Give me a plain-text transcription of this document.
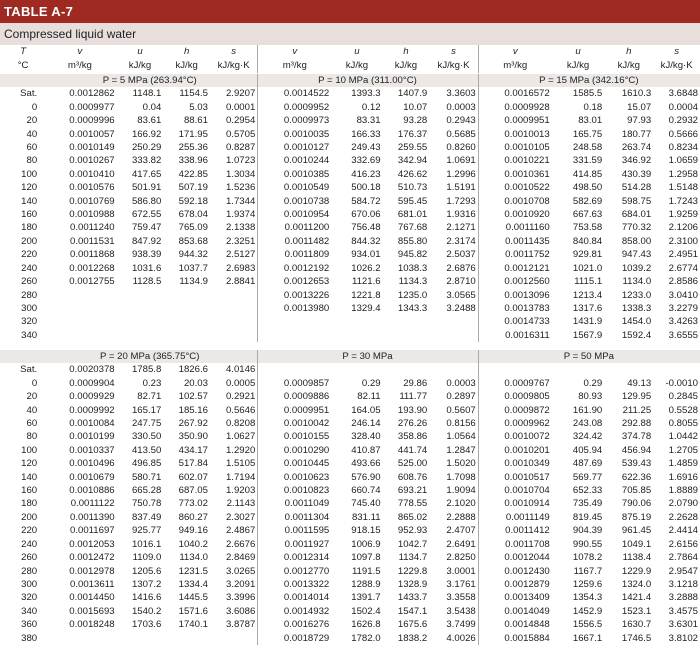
TABLE A-7
Compressed liquid water
T	v	u	h	s	v	u	h	s	v	u	h	s
°C	m³/kg	kJ/kg	kJ/kg	kJ/kg·K	m³/kg	kJ/kg	kJ/kg	kJ/kg·K	m³/kg	kJ/kg	kJ/kg	kJ/kg·K
	P = 5 MPa (263.94°C)				P = 10 MPa (311.00°C)				P = 15 MPa (342.16°C)			
Sat.	0.0012862	1148.1	1154.5	2.9207	0.0014522	1393.3	1407.9	3.3603	0.0016572	1585.5	1610.3	3.6848
0	0.0009977	0.04	5.03	0.0001	0.0009952	0.12	10.07	0.0003	0.0009928	0.18	15.07	0.0004
20	0.0009996	83.61	88.61	0.2954	0.0009973	83.31	93.28	0.2943	0.0009951	83.01	97.93	0.2932
40	0.0010057	166.92	171.95	0.5705	0.0010035	166.33	176.37	0.5685	0.0010013	165.75	180.77	0.5666
60	0.0010149	250.29	255.36	0.8287	0.0010127	249.43	259.55	0.8260	0.0010105	248.58	263.74	0.8234
80	0.0010267	333.82	338.96	1.0723	0.0010244	332.69	342.94	1.0691	0.0010221	331.59	346.92	1.0659
100	0.0010410	417.65	422.85	1.3034	0.0010385	416.23	426.62	1.2996	0.0010361	414.85	430.39	1.2958
120	0.0010576	501.91	507.19	1.5236	0.0010549	500.18	510.73	1.5191	0.0010522	498.50	514.28	1.5148
140	0.0010769	586.80	592.18	1.7344	0.0010738	584.72	595.45	1.7293	0.0010708	582.69	598.75	1.7243
160	0.0010988	672.55	678.04	1.9374	0.0010954	670.06	681.01	1.9316	0.0010920	667.63	684.01	1.9259
180	0.0011240	759.47	765.09	2.1338	0.0011200	756.48	767.68	2.1271	0.0011160	753.58	770.32	2.1206
200	0.0011531	847.92	853.68	2.3251	0.0011482	844.32	855.80	2.3174	0.0011435	840.84	858.00	2.3100
220	0.0011868	938.39	944.32	2.5127	0.0011809	934.01	945.82	2.5037	0.0011752	929.81	947.43	2.4951
240	0.0012268	1031.6	1037.7	2.6983	0.0012192	1026.2	1038.3	2.6876	0.0012121	1021.0	1039.2	2.6774
260	0.0012755	1128.5	1134.9	2.8841	0.0012653	1121.6	1134.3	2.8710	0.0012560	1115.1	1134.0	2.8586
280					0.0013226	1221.8	1235.0	3.0565	0.0013096	1213.4	1233.0	3.0410
300					0.0013980	1329.4	1343.3	3.2488	0.0013783	1317.6	1338.3	3.2279
320									0.0014733	1431.9	1454.0	3.4263
340									0.0016311	1567.9	1592.4	3.6555
	P = 20 MPa (365.75°C)				P = 30 MPa				P = 50 MPa			
Sat.	0.0020378	1785.8	1826.6	4.0146								
0	0.0009904	0.23	20.03	0.0005	0.0009857	0.29	29.86	0.0003	0.0009767	0.29	49.13	-0.0010
20	0.0009929	82.71	102.57	0.2921	0.0009886	82.11	111.77	0.2897	0.0009805	80.93	129.95	0.2845
40	0.0009992	165.17	185.16	0.5646	0.0009951	164.05	193.90	0.5607	0.0009872	161.90	211.25	0.5528
60	0.0010084	247.75	267.92	0.8208	0.0010042	246.14	276.26	0.8156	0.0009962	243.08	292.88	0.8055
80	0.0010199	330.50	350.90	1.0627	0.0010155	328.40	358.86	1.0564	0.0010072	324.42	374.78	1.0442
100	0.0010337	413.50	434.17	1.2920	0.0010290	410.87	441.74	1.2847	0.0010201	405.94	456.94	1.2705
120	0.0010496	496.85	517.84	1.5105	0.0010445	493.66	525.00	1.5020	0.0010349	487.69	539.43	1.4859
140	0.0010679	580.71	602.07	1.7194	0.0010623	576.90	608.76	1.7098	0.0010517	569.77	622.36	1.6916
160	0.0010886	665.28	687.05	1.9203	0.0010823	660.74	693.21	1.9094	0.0010704	652.33	705.85	1.8889
180	0.0011122	750.78	773.02	2.1143	0.0011049	745.40	778.55	2.1020	0.0010914	735.49	790.06	2.0790
200	0.0011390	837.49	860.27	2.3027	0.0011304	831.11	865.02	2.2888	0.0011149	819.45	875.19	2.2628
220	0.0011697	925.77	949.16	2.4867	0.0011595	918.15	952.93	2.4707	0.0011412	904.39	961.45	2.4414
240	0.0012053	1016.1	1040.2	2.6676	0.0011927	1006.9	1042.7	2.6491	0.0011708	990.55	1049.1	2.6156
260	0.0012472	1109.0	1134.0	2.8469	0.0012314	1097.8	1134.7	2.8250	0.0012044	1078.2	1138.4	2.7864
280	0.0012978	1205.6	1231.5	3.0265	0.0012770	1191.5	1229.8	3.0001	0.0012430	1167.7	1229.9	2.9547
300	0.0013611	1307.2	1334.4	3.2091	0.0013322	1288.9	1328.9	3.1761	0.0012879	1259.6	1324.0	3.1218
320	0.0014450	1416.6	1445.5	3.3996	0.0014014	1391.7	1433.7	3.3558	0.0013409	1354.3	1421.4	3.2888
340	0.0015693	1540.2	1571.6	3.6086	0.0014932	1502.4	1547.1	3.5438	0.0014049	1452.9	1523.1	3.4575
360	0.0018248	1703.6	1740.1	3.8787	0.0016276	1626.8	1675.6	3.7499	0.0014848	1556.5	1630.7	3.6301
380					0.0018729	1782.0	1838.2	4.0026	0.0015884	1667.1	1746.5	3.8102
